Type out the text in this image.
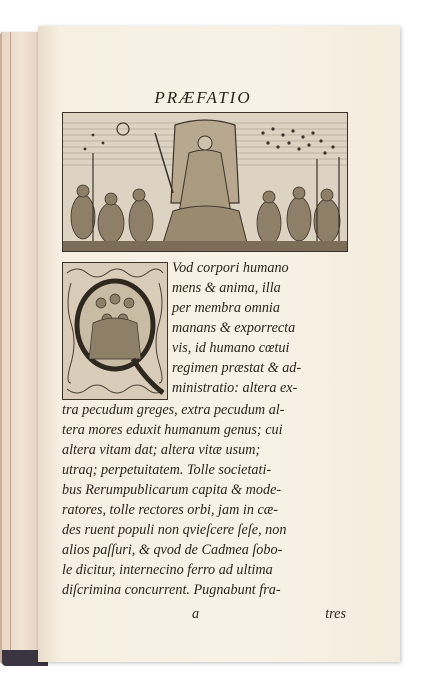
PRÆFATIO
Vod corpori humano
mens & anima, illa
per membra omnia
manans & exporrecta
vis, id humano cœtui
regimen præstat & ad-
ministratio: altera ex-
tra pecudum greges, extra pecudum al-
tera mores eduxit humanum genus; cui
altera vitam dat; altera vitæ usum;
utraq; perpetuitatem. Tolle societati-
bus Rerumpublicarum capita & mode-
ratores, tolle rectores orbi, jam in cæ-
des ruent populi non qvieſcere ſeſe, non
alios paſſuri, & qvod de Cadmea ſobo-
le dicitur, internecino ferro ad ultima
diſcrimina concurrent. Pugnabunt fra-
a	tres
